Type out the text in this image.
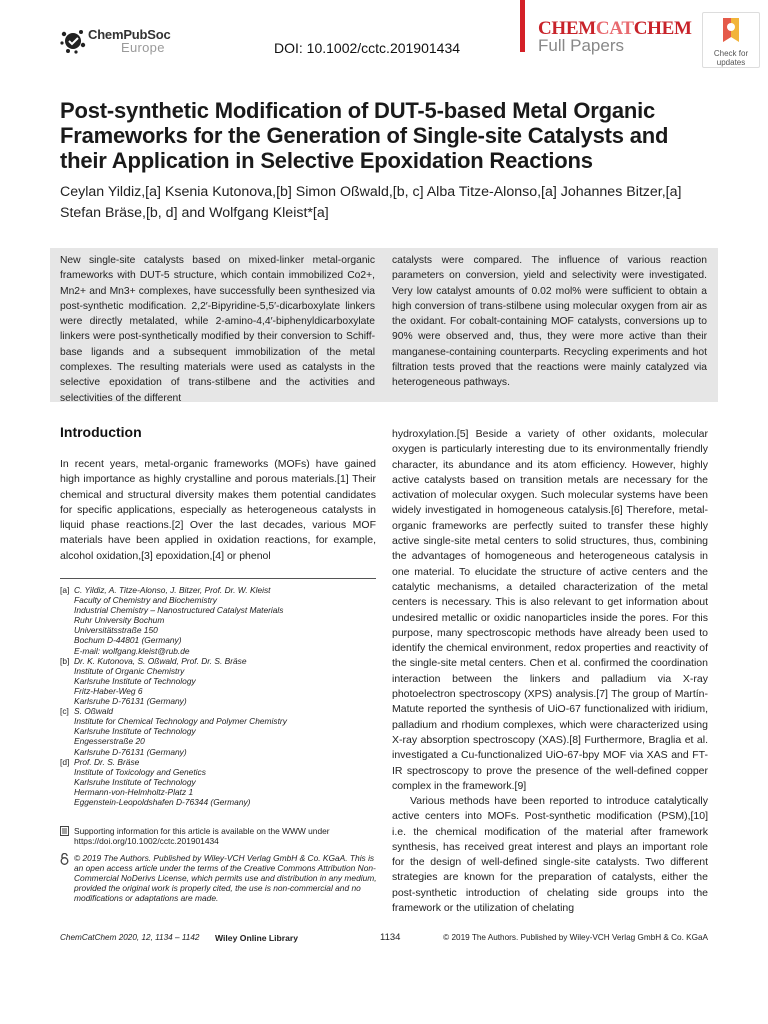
ChemPubSoc
Europe	DOI: 10.1002/cctc.201901434
CHEMCATCHEM
Full Papers	Check for updates
Post-synthetic Modification of DUT-5-based Metal Organic Frameworks for the Generation of Single-site Catalysts and their Application in Selective Epoxidation Reactions
Ceylan Yildiz,[a] Ksenia Kutonova,[b] Simon Oßwald,[b, c] Alba Titze-Alonso,[a] Johannes Bitzer,[a]
Stefan Bräse,[b, d] and Wolfgang Kleist*[a]
New single-site catalysts based on mixed-linker metal-organic frameworks with DUT-5 structure, which contain immobilized Co2+, Mn2+ and Mn3+ complexes, have successfully been synthesized via post-synthetic modification. 2,2′-Bipyridine-5,5′-dicarboxylate linkers were directly metalated, while 2-amino-4,4′-biphenyldicarboxylate linkers were post-synthetically modified by their conversion to Schiff-base ligands and a subsequent immobilization of the metal complexes. The resulting materials were used as catalysts in the selective epoxidation of trans-stilbene and the activities and selectivities of the different
catalysts were compared. The influence of various reaction parameters on conversion, yield and selectivity were investigated. Very low catalyst amounts of 0.02 mol% were sufficient to obtain a high conversion of trans-stilbene using molecular oxygen from air as the oxidant. For cobalt-containing MOF catalysts, conversions up to 90% were observed and, thus, they were more active than their manganese-containing counterparts. Recycling experiments and hot filtration tests proved that the reactions were mainly catalyzed via heterogeneous pathways.
Introduction
In recent years, metal-organic frameworks (MOFs) have gained high importance as highly crystalline and porous materials.[1] Their chemical and structural diversity makes them potential candidates for specific applications, especially as heterogeneous catalysts in liquid phase reactions.[2] Over the last decades, various MOF materials have been applied in oxidation reactions, for example, alcohol oxidation,[3] epoxidation,[4] or phenol
hydroxylation.[5] Beside a variety of other oxidants, molecular oxygen is particularly interesting due to its environmentally friendly character, its abundance and its atom efficiency. However, highly active catalysts based on transition metals are necessary for the activation of molecular oxygen. Such molecular systems have been widely investigated in homogeneous catalysis.[6] Therefore, metal-organic frameworks are perfectly suited to transfer these highly active single-site metal centers to solid structures, thus, combining the advantages of homogeneous and heterogeneous catalysis in one material. To elucidate the structure of active centers and the catalytic mechanisms, a detailed characterization of the metal centers is necessary. This is also relevant to get information about undesired metallic or oxidic nanoparticles inside the pores. For this purpose, many spectroscopic methods have already been used to identify the chemical environment, redox properties and reactivity of the single-site metal centers. Chen et al. confirmed the coordination interaction between the linkers and palladium via X-ray photoelectron spectroscopy (XPS) analysis.[7] The group of Martín-Matute reported the synthesis of UiO-67 functionalized with iridium, palladium and rhodium complexes, which were characterized using X-ray absorption spectroscopy (XAS).[8] Furthermore, Braglia et al. investigated a Cu-functionalized UiO-67-bpy MOF via XAS and FT-IR spectroscopy to prove the presence of the well-defined copper complex in the framework.[9]
Various methods have been reported to introduce catalytically active centers into MOFs. Post-synthetic modification (PSM),[10] i.e. the chemical modification of the material after framework synthesis, has received great interest and plays an important role for the design of well-defined single-site catalysts. Two different strategies are known for the preparation of catalysts, either the post-synthetic introduction of chelating side groups into the framework or the utilization of chelating
[a] C. Yildiz, A. Titze-Alonso, J. Bitzer, Prof. Dr. W. Kleist
Faculty of Chemistry and Biochemistry
Industrial Chemistry – Nanostructured Catalyst Materials
Ruhr University Bochum
Universitätsstraße 150
Bochum D-44801 (Germany)
E-mail: wolfgang.kleist@rub.de
[b] Dr. K. Kutonova, S. Oßwald, Prof. Dr. S. Bräse
Institute of Organic Chemistry
Karlsruhe Institute of Technology
Fritz-Haber-Weg 6
Karlsruhe D-76131 (Germany)
[c] S. Oßwald
Institute for Chemical Technology and Polymer Chemistry
Karlsruhe Institute of Technology
Engesserstraße 20
Karlsruhe D-76131 (Germany)
[d] Prof. Dr. S. Bräse
Institute of Toxicology and Genetics
Karlsruhe Institute of Technology
Hermann-von-Helmholtz-Platz 1
Eggenstein-Leopoldshafen D-76344 (Germany)
Supporting information for this article is available on the WWW under https://doi.org/10.1002/cctc.201901434
© 2019 The Authors. Published by Wiley-VCH Verlag GmbH & Co. KGaA. This is an open access article under the terms of the Creative Commons Attribution Non-Commercial NoDerivs License, which permits use and distribution in any medium, provided the original work is properly cited, the use is non-commercial and no modifications or adaptations are made.
ChemCatChem 2020, 12, 1134 – 1142 Wiley Online Library	1134	© 2019 The Authors. Published by Wiley-VCH Verlag GmbH & Co. KGaA
